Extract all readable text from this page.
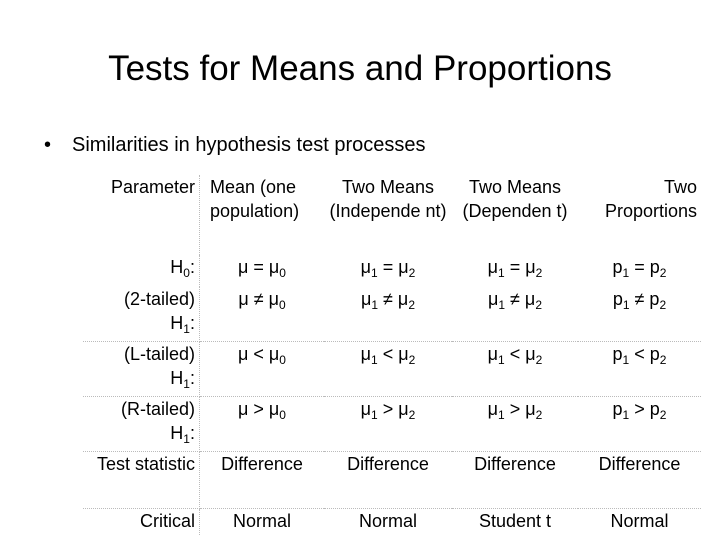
Tests for Means and Proportions
• Similarities in hypothesis test processes
Parameter	Mean (one population)	Two Means (Independe nt)	Two Means (Dependen t)	Two Proportions
$H_0$:	$\mu = \mu_0$	$\mu_1 = \mu_2$	$\mu_1 = \mu_2$	$p_1 = p_2$
(2-tailed)
$H_1$:	$\mu \ne \mu_0$	$\mu_1 \ne \mu_2$	$\mu_1 \ne \mu_2$	$p_1 \ne p_2$
(L-tailed)
$H_1$:	$\mu < \mu_0$	$\mu_1 < \mu_2$	$\mu_1 < \mu_2$	$p_1 < p_2$
(R-tailed)
$H_1$:	$\mu > \mu_0$	$\mu_1 > \mu_2$	$\mu_1 > \mu_2$	$p_1 > p_2$
Test statistic	Difference	Difference	Difference	Difference
Critical	Normal	Normal	Student t	Normal
